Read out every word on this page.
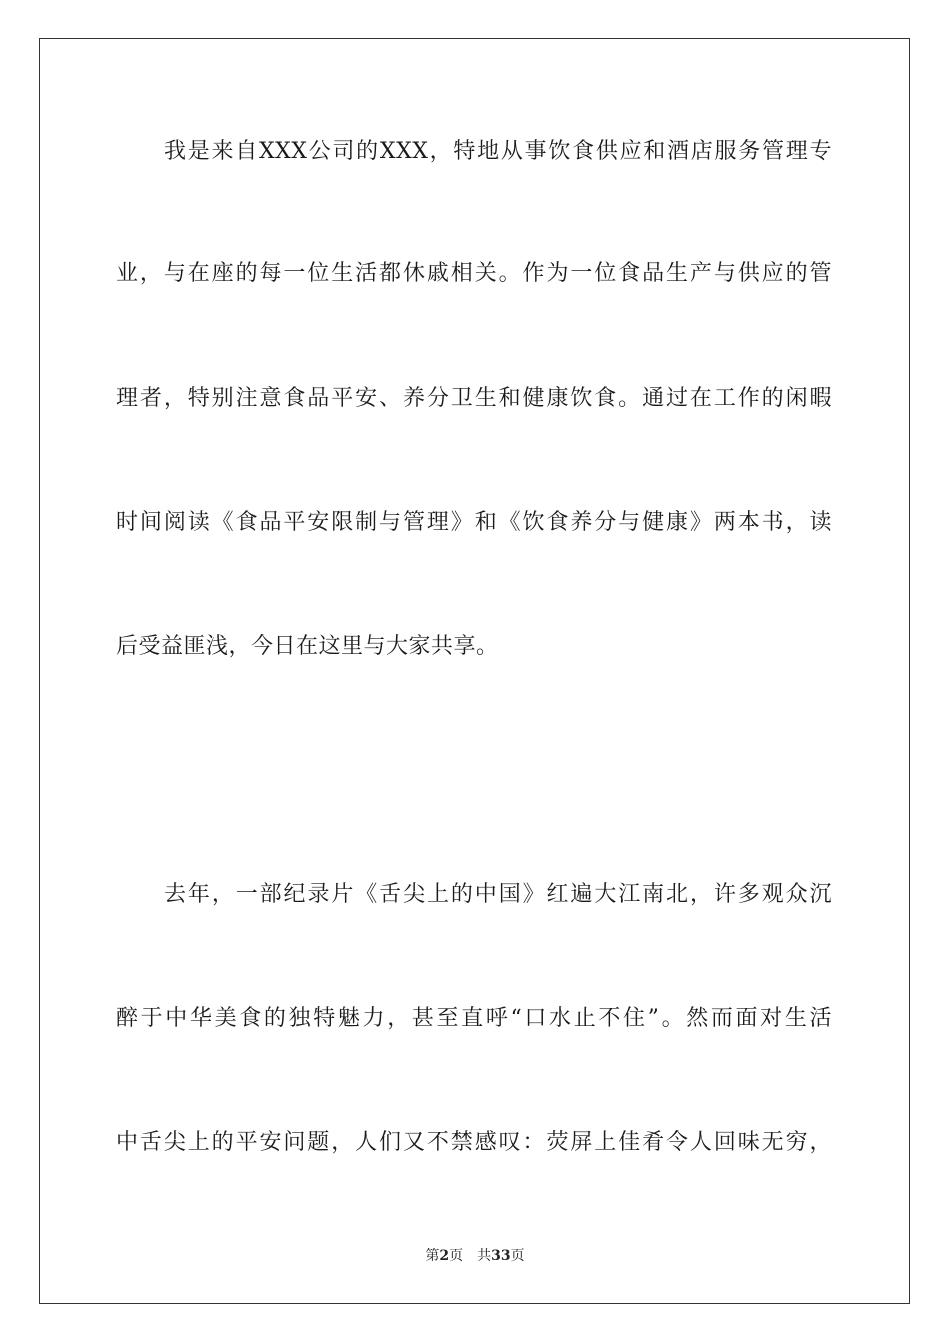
我是来自XXX公司的XXX，特地从事饮食供应和酒店服务管理专
业，与在座的每一位生活都休戚相关。作为一位食品生产与供应的管
理者，特别注意食品平安、养分卫生和健康饮食。通过在工作的闲暇
时间阅读《食品平安限制与管理》和《饮食养分与健康》两本书，读
后受益匪浅，今日在这里与大家共享。
去年，一部纪录片《舌尖上的中国》红遍大江南北，许多观众沉
醉于中华美食的独特魅力，甚至直呼“口水止不住”。然而面对生活
中舌尖上的平安问题，人们又不禁感叹：荧屏上佳肴令人回味无穷，
第2页 共33页
